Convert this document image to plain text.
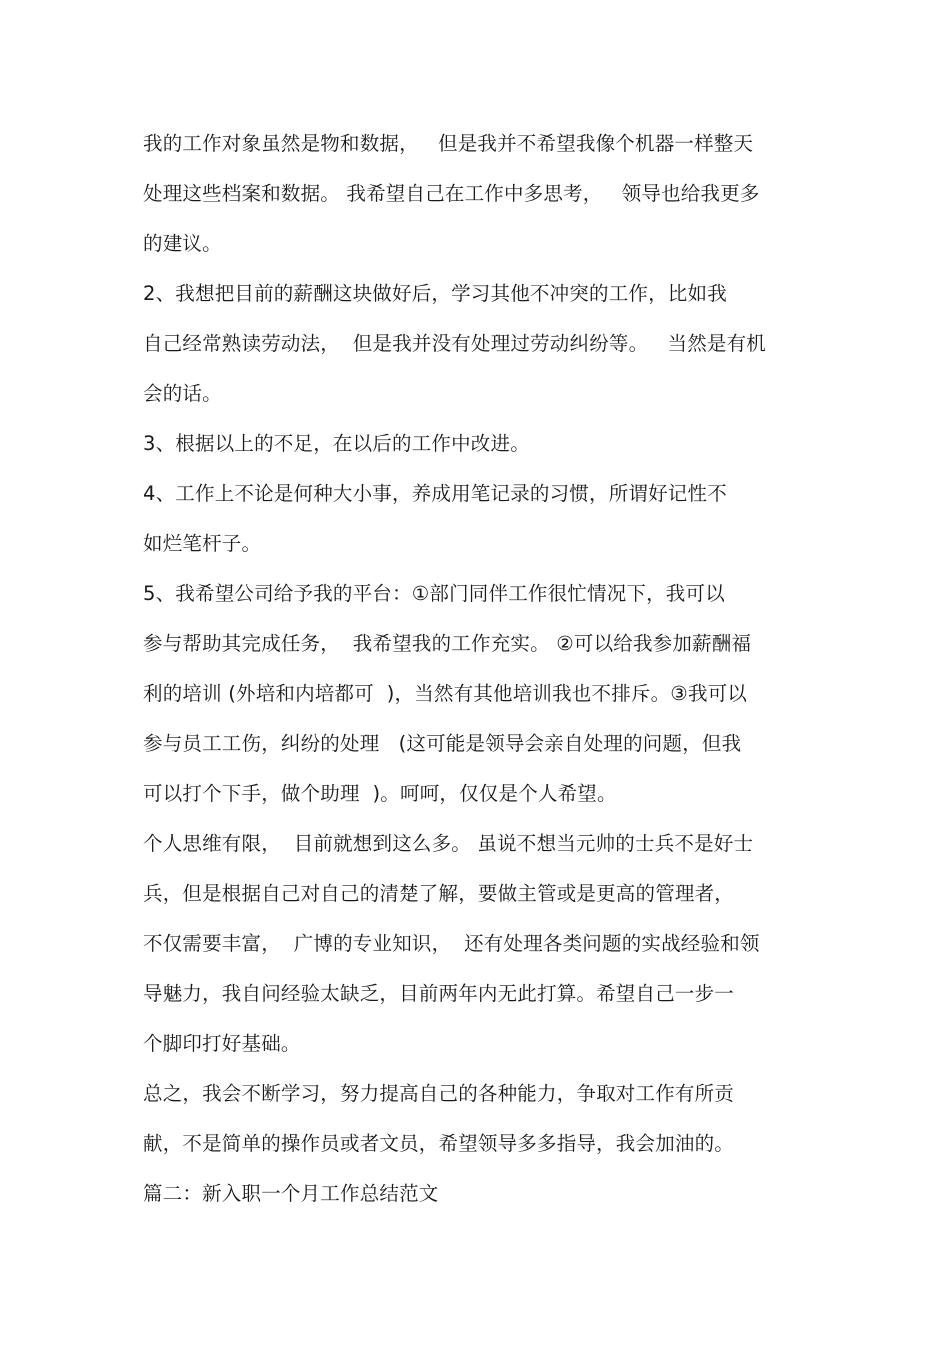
我的工作对象虽然是物和数据，   但是我并不希望我像个机器一样整天

处理这些档案和数据。 我希望自己在工作中多思考，   领导也给我更多

的建议。

2、我想把目前的薪酬这块做好后，学习其他不冲突的工作，比如我

自己经常熟读劳动法，  但是我并没有处理过劳动纠纷等。   当然是有机

会的话。

3、根据以上的不足，在以后的工作中改进。

4、工作上不论是何种大小事，养成用笔记录的习惯，所谓好记性不

如烂笔杆子。

5、我希望公司给予我的平台：①部门同伴工作很忙情况下，我可以

参与帮助其完成任务，  我希望我的工作充实。 ②可以给我参加薪酬福

利的培训 (外培和内培都可  )，当然有其他培训我也不排斥。③我可以

参与员工工伤，纠纷的处理   (这可能是领导会亲自处理的问题，但我

可以打个下手，做个助理  )。呵呵，仅仅是个人希望。

个人思维有限，  目前就想到这么多。 虽说不想当元帅的士兵不是好士

兵，但是根据自己对自己的清楚了解，要做主管或是更高的管理者，

不仅需要丰富，  广博的专业知识，  还有处理各类问题的实战经验和领

导魅力，我自问经验太缺乏，目前两年内无此打算。希望自己一步一

个脚印打好基础。

总之，我会不断学习，努力提高自己的各种能力，争取对工作有所贡

献，不是简单的操作员或者文员，希望领导多多指导，我会加油的。

篇二：新入职一个月工作总结范文
